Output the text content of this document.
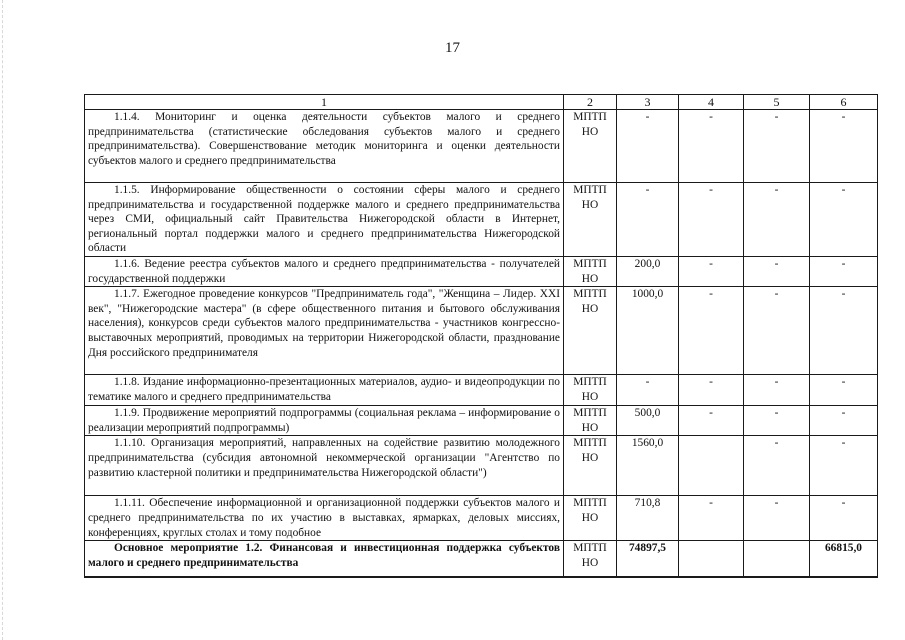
17
1	2	3	4	5	6
1.1.4. Мониторинг и оценка деятельности субъектов малого и среднего предпринимательства (статистические обследования субъектов малого и среднего предпринимательства). Совершенствование методик мониторинга и оценки деятельности субъектов малого и среднего предпринимательства	МПТП НО	-	-	-	-
1.1.5. Информирование общественности о состоянии сферы малого и среднего предпринимательства и государственной поддержке малого и среднего предпринимательства через СМИ, официальный сайт Правительства Нижегородской области в Интернет, региональный портал поддержки малого и среднего предпринимательства Нижегородской области	МПТП НО	-	-	-	-
1.1.6. Ведение реестра субъектов малого и среднего предпринимательства - получателей государственной поддержки	МПТП НО	200,0	-	-	-
1.1.7. Ежегодное проведение конкурсов "Предприниматель года", "Женщина – Лидер. XXI век", "Нижегородские мастера" (в сфере общественного питания и бытового обслуживания населения), конкурсов среди субъектов малого предпринимательства - участников конгрессно-выставочных мероприятий, проводимых на территории Нижегородской области, празднование Дня российского предпринимателя	МПТП НО	1000,0	-	-	-
1.1.8. Издание информационно-презентационных материалов, аудио- и видеопродукции по тематике малого и среднего предпринимательства	МПТП НО	-	-	-	-
1.1.9. Продвижение мероприятий подпрограммы (социальная реклама – информирование о реализации мероприятий подпрограммы)	МПТП НО	500,0	-	-	-
1.1.10. Организация мероприятий, направленных на содействие развитию молодежного предпринимательства (субсидия автономной некоммерческой организации "Агентство по развитию кластерной политики и предпринимательства Нижегородской области")	МПТП НО	1560,0		-	-
1.1.11. Обеспечение информационной и организационной поддержки субъектов малого и среднего предпринимательства по их участию в выставках, ярмарках, деловых миссиях, конференциях, круглых столах и тому подобное	МПТП НО	710,8	-	-	-
Основное мероприятие 1.2. Финансовая и инвестиционная поддержка субъектов малого и среднего предпринимательства	МПТП НО	74897,5			66815,0
